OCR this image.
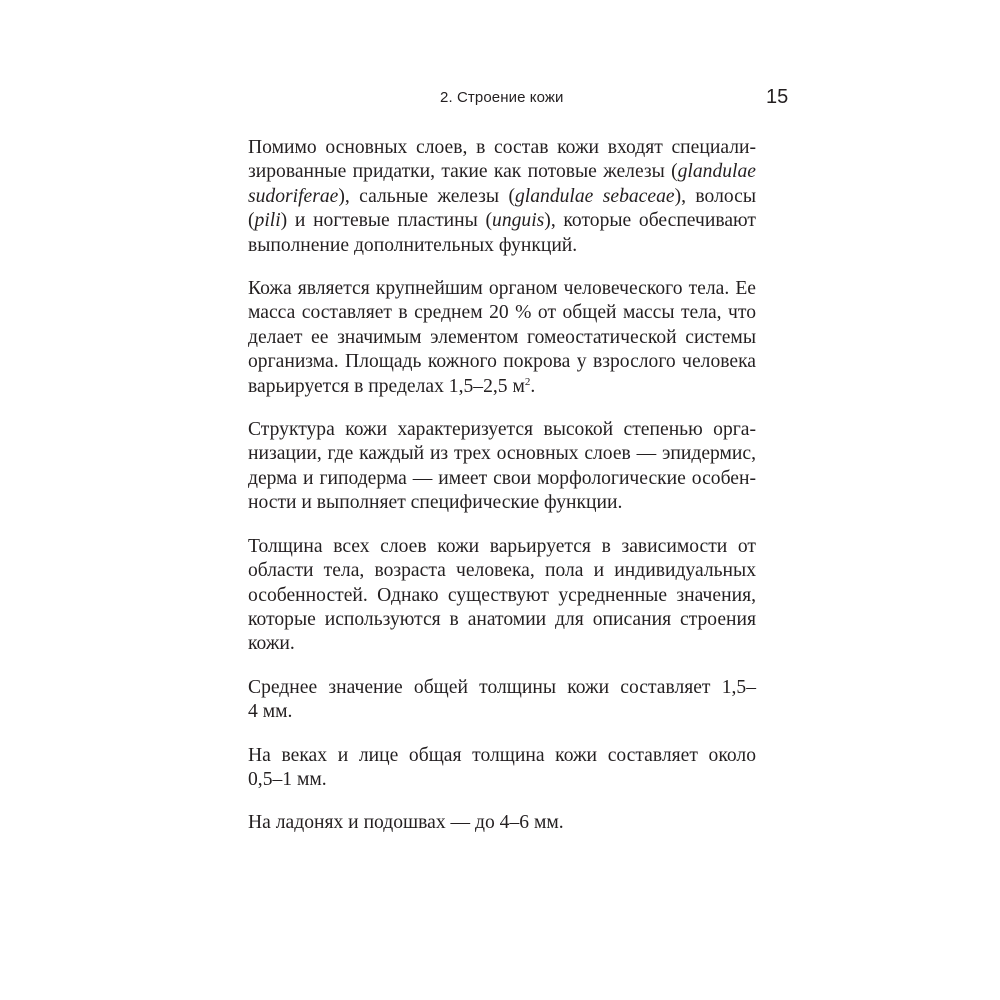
2. Строение кожи	15

Помимо основных слоев, в состав кожи входят специали-
зированные придатки, такие как потовые железы (glandulae
sudoriferae), сальные железы (glandulae sebaceae), волосы
(pili) и ногтевые пластины (unguis), которые обеспечивают
выполнение дополнительных функций.

Кожа является крупнейшим органом человеческого тела. Ее
масса составляет в среднем 20 % от общей массы тела, что
делает ее значимым элементом гомеостатической системы
организма. Площадь кожного покрова у взрослого человека
варьируется в пределах 1,5–2,5 $м^2$.

Структура кожи характеризуется высокой степенью орга-
низации, где каждый из трех основных слоев — эпидермис,
дерма и гиподерма — имеет свои морфологические особен-
ности и выполняет специфические функции.

Толщина всех слоев кожи варьируется в зависимости от
области тела, возраста человека, пола и индивидуальных
особенностей. Однако существуют усредненные значения,
которые используются в анатомии для описания строения
кожи.

Среднее значение общей толщины кожи составляет 1,5–
4 мм.

На веках и лице общая толщина кожи составляет около
0,5–1 мм.

На ладонях и подошвах — до 4–6 мм.
